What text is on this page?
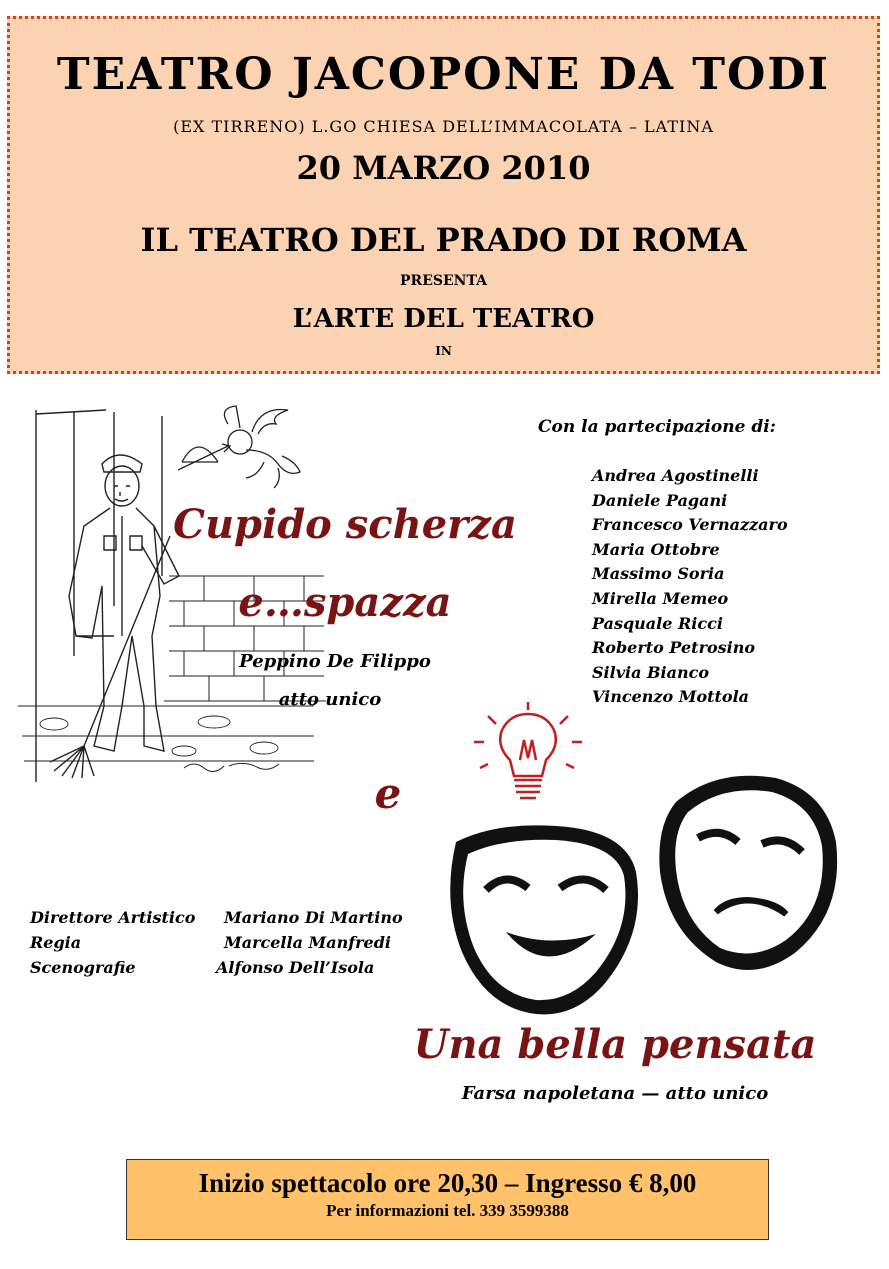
TEATRO JACOPONE DA TODI
(EX TIRRENO) L.GO CHIESA DELL’IMMACOLATA – LATINA
20 MARZO 2010
IL TEATRO DEL PRADO DI ROMA
PRESENTA
L’ARTE DEL TEATRO
IN
Cupido scherza
e…spazza
Peppino De Filippo
atto unico
Con la partecipazione di:
Andrea Agostinelli
Daniele Pagani
Francesco Vernazzaro
Maria Ottobre
Massimo Soria
Mirella Memeo
Pasquale Ricci
Roberto Petrosino
Silvia Bianco
Vincenzo Mottola
e
Direttore Artistico	Mariano Di Martino
Regia	Marcella Manfredi
Scenografie	Alfonso Dell’Isola
Una bella pensata
Farsa napoletana — atto unico
Inizio spettacolo ore 20,30 – Ingresso € 8,00
Per informazioni tel. 339 3599388
